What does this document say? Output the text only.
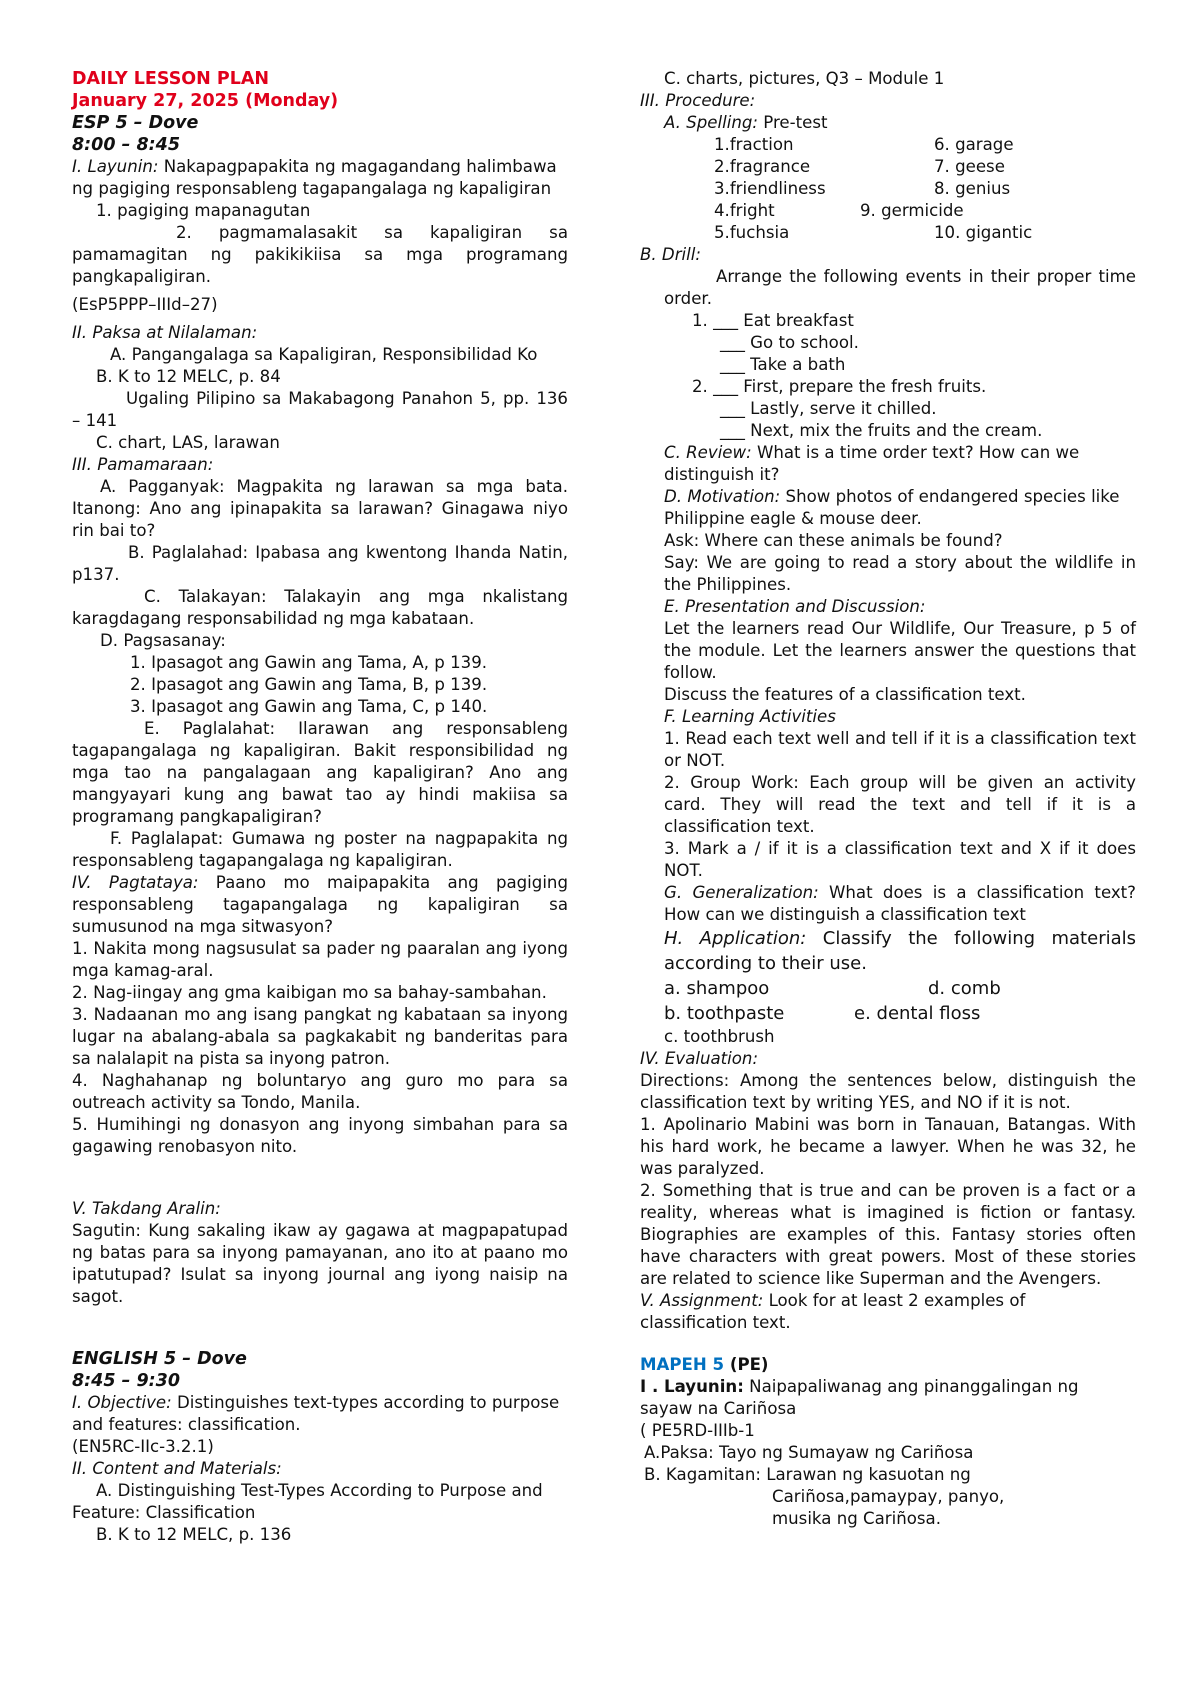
DAILY LESSON PLAN

January 27, 2025 (Monday)

ESP 5 – Dove

8:00 – 8:45

I. Layunin: Nakapagpapakita ng magagandang halimbawa ng pagiging responsableng tagapangalaga ng kapaligiran

1. pagiging mapanagutan

2. pagmamalasakit sa kapaligiran sa pamamagitan ng pakikikiisa sa mga programang pangkapaligiran.

(EsP5PPP–IIId–27)

II. Paksa at Nilalaman:

A. Pangangalaga sa Kapaligiran, Responsibilidad Ko

B. K to 12 MELC, p. 84

Ugaling Pilipino sa Makabagong Panahon 5, pp. 136 – 141

C. chart, LAS, larawan

III. Pamamaraan:

A. Pagganyak: Magpakita ng larawan sa mga bata. Itanong: Ano ang ipinapakita sa larawan? Ginagawa niyo rin bai to?

B. Paglalahad: Ipabasa ang kwentong Ihanda Natin, p137.

C. Talakayan: Talakayin ang mga nkalistang karagdagang responsabilidad ng mga kabataan.

D. Pagsasanay:

1. Ipasagot ang Gawin ang Tama, A, p 139.

2. Ipasagot ang Gawin ang Tama, B, p 139.

3. Ipasagot ang Gawin ang Tama, C, p 140.

E. Paglalahat: Ilarawan ang responsableng tagapangalaga ng kapaligiran. Bakit responsibilidad ng mga tao na pangalagaan ang kapaligiran? Ano ang mangyayari kung ang bawat tao ay hindi makiisa sa programang pangkapaligiran?

F. Paglalapat: Gumawa ng poster na nagpapakita ng responsableng tagapangalaga ng kapaligiran.

IV. Pagtataya: Paano mo maipapakita ang pagiging responsableng tagapangalaga ng kapaligiran sa sumusunod na mga sitwasyon?

1. Nakita mong nagsusulat sa pader ng paaralan ang iyong mga kamag-aral.

2. Nag-iingay ang gma kaibigan mo sa bahay-sambahan.

3. Nadaanan mo ang isang pangkat ng kabataan sa inyong lugar na abalang-abala sa pagkakabit ng banderitas para sa nalalapit na pista sa inyong patron.

4. Naghahanap ng boluntaryo ang guro mo para sa outreach activity sa Tondo, Manila.

5. Humihingi ng donasyon ang inyong simbahan para sa gagawing renobasyon nito.

V. Takdang Aralin:

Sagutin: Kung sakaling ikaw ay gagawa at magpapatupad ng batas para sa inyong pamayanan, ano ito at paano mo ipatutupad? Isulat sa inyong journal ang iyong naisip na sagot.

ENGLISH 5 – Dove

8:45 – 9:30

I. Objective: Distinguishes text-types according to purpose and features: classification.

(EN5RC-IIc-3.2.1)

II. Content and Materials:

A. Distinguishing Test-Types According to Purpose and Feature: Classification

B. K to 12 MELC, p. 136

C. charts, pictures, Q3 – Module 1

III. Procedure:

A. Spelling: Pre-test

1.fraction	6. garage
2.fragrance	7. geese
3.friendliness	8. genius
4.fright	9. germicide
5.fuchsia	10. gigantic

B. Drill:

Arrange the following events in their proper time order.

1. ___ Eat breakfast

___ Go to school.

___ Take a bath

2. ___ First, prepare the fresh fruits.

___ Lastly, serve it chilled.

___ Next, mix the fruits and the cream.

C. Review: What is a time order text? How can we distinguish it?

D. Motivation: Show photos of endangered species like Philippine eagle & mouse deer.

Ask: Where can these animals be found?

Say: We are going to read a story about the wildlife in the Philippines.

E. Presentation and Discussion:

Let the learners read Our Wildlife, Our Treasure, p 5 of the module. Let the learners answer the questions that follow.

Discuss the features of a classification text.

F. Learning Activities

1. Read each text well and tell if it is a classification text or NOT.

2. Group Work: Each group will be given an activity card. They will read the text and tell if it is a classification text.

3. Mark a / if it is a classification text and X if it does NOT.

G. Generalization: What does is a classification text? How can we distinguish a classification text

H. Application: Classify the following materials according to their use.

a. shampoo	d. comb
b. toothpaste	e. dental floss

c. toothbrush

IV. Evaluation:

Directions: Among the sentences below, distinguish the classification text by writing YES, and NO if it is not.

1. Apolinario Mabini was born in Tanauan, Batangas. With his hard work, he became a lawyer. When he was 32, he was paralyzed.

2. Something that is true and can be proven is a fact or a reality, whereas what is imagined is fiction or fantasy. Biographies are examples of this. Fantasy stories often have characters with great powers. Most of these stories are related to science like Superman and the Avengers.

V. Assignment: Look for at least 2 examples of classification text.

MAPEH 5 (PE)

I . Layunin: Naipapaliwanag ang pinanggalingan ng sayaw na Cariñosa

( PE5RD-IIIb-1

A.Paksa: Tayo ng Sumayaw ng Cariñosa

B. Kagamitan: Larawan ng kasuotan ng

Cariñosa,pamaypay, panyo,

musika ng Cariñosa.
